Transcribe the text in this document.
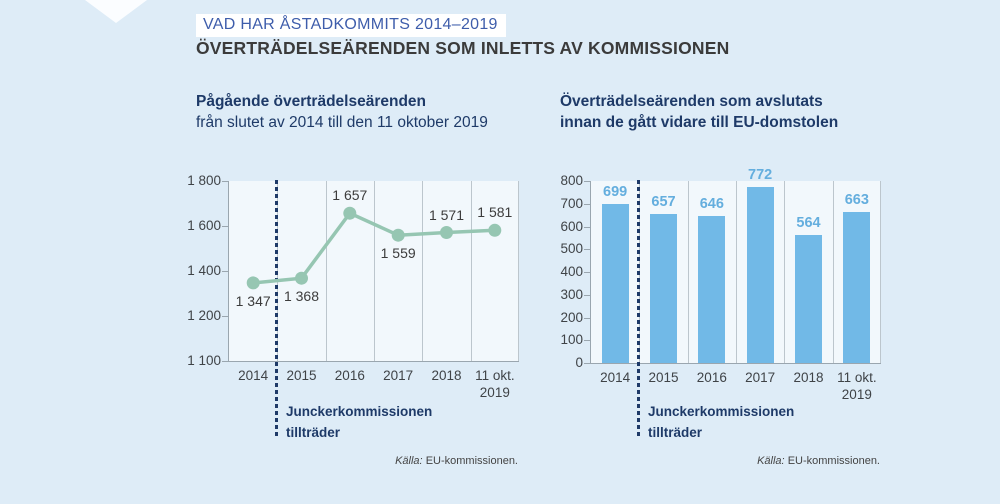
VAD HAR ÅSTADKOMMITS 2014–2019
ÖVERTRÄDELSEÄRENDEN SOM INLETTS AV KOMMISSIONEN
Pågående överträdelseärenden
från slutet av 2014 till den 11 oktober 2019
Överträdelseärenden som avslutats
innan de gått vidare till EU-domstolen
1 100
1 200
1 400
1 600
1 800
2014	2015	2016	2017	2018	11 okt.
2019
1 347 1 368
1 657
1 559
1 571 1 581
0
100
200
300
400
500
600
700
800
2014	2015	2016	2017	2018	11 okt.
2019
699
657	646
772
564
663
Junckerkommissionen
tillträder
Junckerkommissionen
tillträder
Källa: EU-kommissionen.	Källa: EU-kommissionen.
